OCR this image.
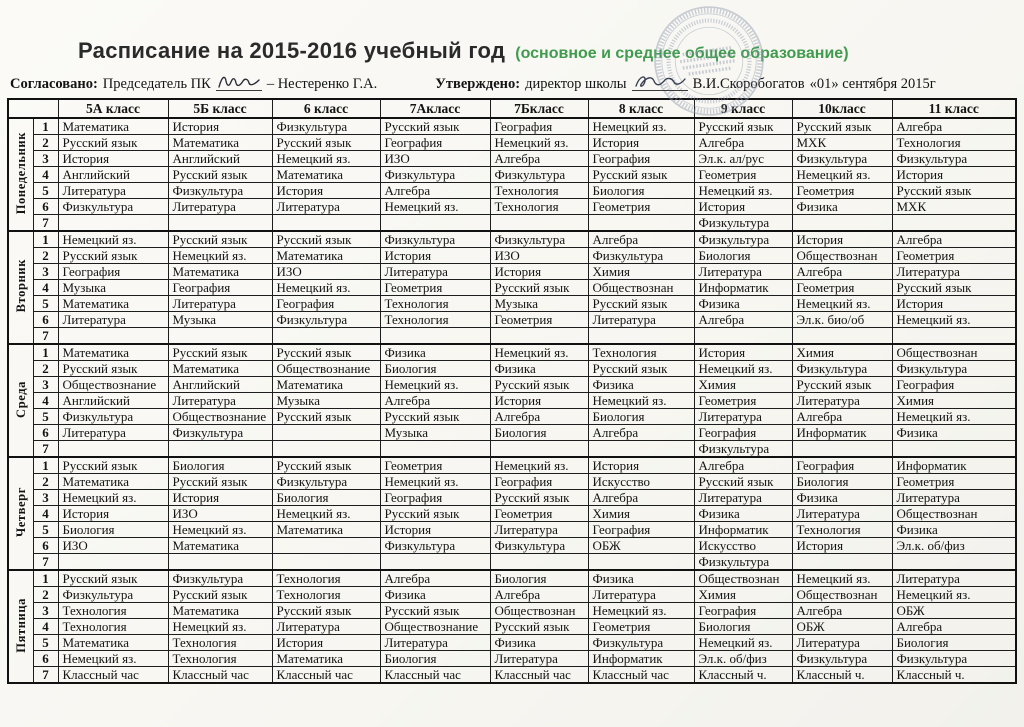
Расписание на 2015-2016 учебный год (основное и среднее общее образование)
Согласовано: Председатель ПК	– Нестеренко Г.А.	Утверждено: директор школы	В.И.Скоробогатов «01» сентября 2015г
		5А класс	5Б класс	6 класс	7Акласс	7Бкласс	8 класс	9 класс	10класс	11 класс
Понедельник	1	Математика	История	Физкультура	Русский язык	География	Немецкий яз.	Русский язык	Русский язык	Алгебра
	2	Русский язык	Математика	Русский язык	География	Немецкий яз.	История	Алгебра	МХК	Технология
	3	История	Английский	Немецкий яз.	ИЗО	Алгебра	География	Эл.к. ал/рус	Физкультура	Физкультура
	4	Английский	Русский язык	Математика	Физкультура	Физкультура	Русский язык	Геометрия	Немецкий яз.	История
	5	Литература	Физкультура	История	Алгебра	Технология	Биология	Немецкий яз.	Геометрия	Русский язык
	6	Физкультура	Литература	Литература	Немецкий яз.	Технология	Геометрия	История	Физика	МХК
	7							Физкультура		
Вторник	1	Немецкий яз.	Русский язык	Русский язык	Физкультура	Физкультура	Алгебра	Физкультура	История	Алгебра
	2	Русский язык	Немецкий яз.	Математика	История	ИЗО	Физкультура	Биология	Обществознан	Геометрия
	3	География	Математика	ИЗО	Литература	История	Химия	Литература	Алгебра	Литература
	4	Музыка	География	Немецкий яз.	Геометрия	Русский язык	Обществознан	Информатик	Геометрия	Русский язык
	5	Математика	Литература	География	Технология	Музыка	Русский язык	Физика	Немецкий яз.	История
	6	Литература	Музыка	Физкультура	Технология	Геометрия	Литература	Алгебра	Эл.к. био/об	Немецкий яз.
	7									
Среда	1	Математика	Русский язык	Русский язык	Физика	Немецкий яз.	Технология	История	Химия	Обществознан
	2	Русский язык	Математика	Обществознание	Биология	Физика	Русский язык	Немецкий яз.	Физкультура	Физкультура
	3	Обществознание	Английский	Математика	Немецкий яз.	Русский язык	Физика	Химия	Русский язык	География
	4	Английский	Литература	Музыка	Алгебра	История	Немецкий яз.	Геометрия	Литература	Химия
	5	Физкультура	Обществознание	Русский язык	Русский язык	Алгебра	Биология	Литература	Алгебра	Немецкий яз.
	6	Литература	Физкультура		Музыка	Биология	Алгебра	География	Информатик	Физика
	7							Физкультура		
Четверг	1	Русский язык	Биология	Русский язык	Геометрия	Немецкий яз.	История	Алгебра	География	Информатик
	2	Математика	Русский язык	Физкультура	Немецкий яз.	География	Искусство	Русский язык	Биология	Геометрия
	3	Немецкий яз.	История	Биология	География	Русский язык	Алгебра	Литература	Физика	Литература
	4	История	ИЗО	Немецкий яз.	Русский язык	Геометрия	Химия	Физика	Литература	Обществознан
	5	Биология	Немецкий яз.	Математика	История	Литература	География	Информатик	Технология	Физика
	6	ИЗО	Математика		Физкультура	Физкультура	ОБЖ	Искусство	История	Эл.к. об/физ
	7							Физкультура		
Пятница	1	Русский язык	Физкультура	Технология	Алгебра	Биология	Физика	Обществознан	Немецкий яз.	Литература
	2	Физкультура	Русский язык	Технология	Физика	Алгебра	Литература	Химия	Обществознан	Немецкий яз.
	3	Технология	Математика	Русский язык	Русский язык	Обществознан	Немецкий яз.	География	Алгебра	ОБЖ
	4	Технология	Немецкий яз.	Литература	Обществознание	Русский язык	Геометрия	Биология	ОБЖ	Алгебра
	5	Математика	Технология	История	Литература	Физика	Физкультура	Немецкий яз.	Литература	Биология
	6	Немецкий яз.	Технология	Математика	Биология	Литература	Информатик	Эл.к. об/физ	Физкультура	Физкультура
	7	Классный час	Классный час	Классный час	Классный час	Классный час	Классный час	Классный ч.	Классный ч.	Классный ч.
